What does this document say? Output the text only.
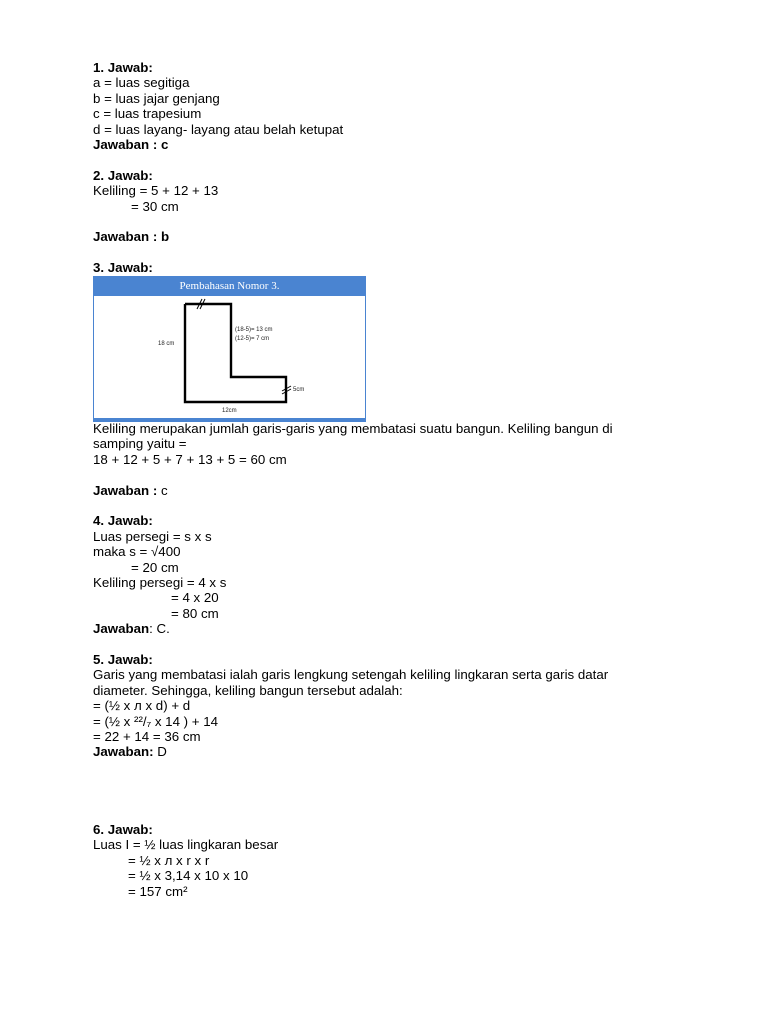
1. Jawab:
a = luas segitiga
b = luas jajar genjang
c = luas trapesium
d = luas layang- layang atau belah ketupat
Jawaban : c
2. Jawab:
Keliling = 5 + 12 + 13
= 30 cm
Jawaban : b
3. Jawab:
Pembahasan Nomor 3.
18 cm
(18-5)= 13 cm
(12-5)= 7 cm
5cm
12cm
Keliling merupakan jumlah garis-garis yang membatasi suatu bangun. Keliling bangun di
samping yaitu =
18 + 12 + 5 + 7 + 13 + 5 = 60 cm
Jawaban : c
4. Jawab:
Luas persegi = s x s
maka s = √400
= 20 cm
Keliling persegi = 4 x s
= 4 x 20
= 80 cm
Jawaban: C.
5. Jawab:
Garis yang membatasi ialah garis lengkung setengah keliling lingkaran serta garis datar
diameter. Sehingga, keliling bangun tersebut adalah:
= (½ x л x d) + d
= (½ x ²²/₇ x 14 ) + 14
= 22 + 14 = 36 cm
Jawaban: D
6. Jawab:
Luas I = ½ luas lingkaran besar
= ½ x л x r x r
= ½ x 3,14 x 10 x 10
= 157 cm²
